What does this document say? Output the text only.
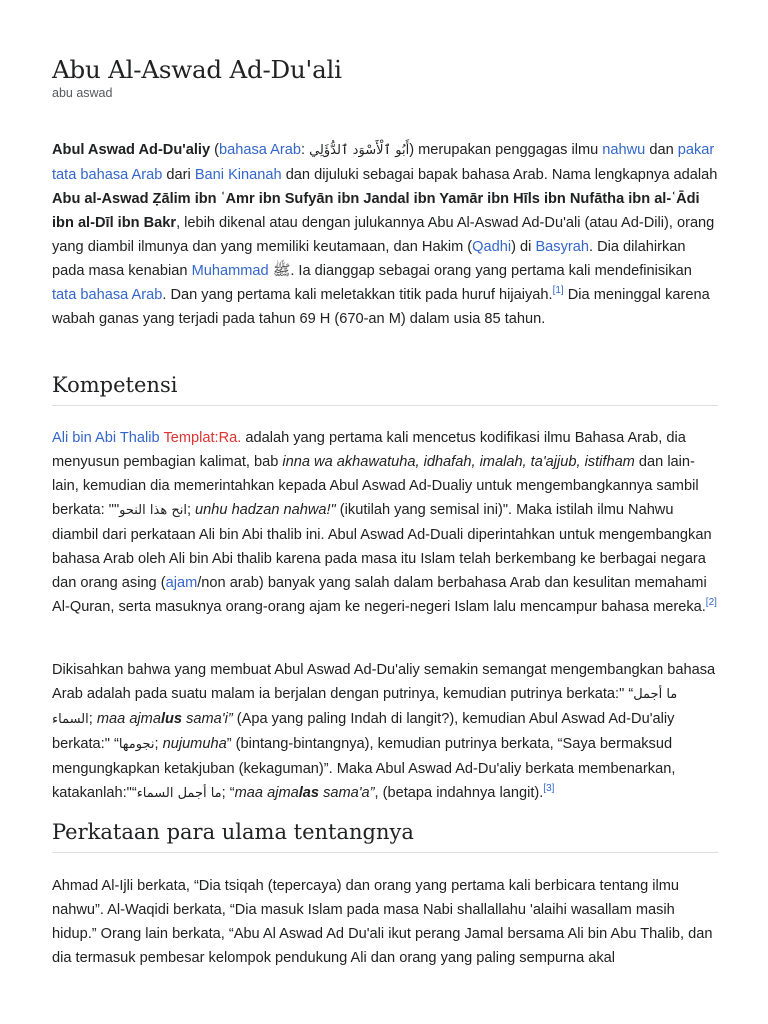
Abu Al-Aswad Ad-Du'ali
abu aswad

Abul Aswad Ad-Du'aliy (bahasa Arab: أَبُو ٱلْأَسْوَد ٱلدُّؤَلِي) merupakan penggagas ilmu nahwu dan pakar tata bahasa Arab dari Bani Kinanah dan dijuluki sebagai bapak bahasa Arab. Nama lengkapnya adalah Abu al-Aswad Ẓālim ibn ʿAmr ibn Sufyān ibn Jandal ibn Yamār ibn Hīls ibn Nufātha ibn al-ʿĀdi ibn al-Dīl ibn Bakr, lebih dikenal atau dengan julukannya Abu Al-Aswad Ad-Du'ali (atau Ad-Dili), orang yang diambil ilmunya dan yang memiliki keutamaan, dan Hakim (Qadhi) di Basyrah. Dia dilahirkan pada masa kenabian Muhammad ﷺ. Ia dianggap sebagai orang yang pertama kali mendefinisikan tata bahasa Arab. Dan yang pertama kali meletakkan titik pada huruf hijaiyah.[1] Dia meninggal karena wabah ganas yang terjadi pada tahun 69 H (670-an M) dalam usia 85 tahun.

Kompetensi

Ali bin Abi Thalib Templat:Ra. adalah yang pertama kali mencetus kodifikasi ilmu Bahasa Arab, dia menyusun pembagian kalimat, bab inna wa akhawatuha, idhafah, imalah, ta'ajjub, istifham dan lain-lain, kemudian dia memerintahkan kepada Abul Aswad Ad-Dualiy untuk mengembangkannya sambil berkata: ""انح هذا النحو; unhu hadzan nahwa!" (ikutilah yang semisal ini)". Maka istilah ilmu Nahwu diambil dari perkataan Ali bin Abi thalib ini. Abul Aswad Ad-Duali diperintahkan untuk mengembangkan bahasa Arab oleh Ali bin Abi thalib karena pada masa itu Islam telah berkembang ke berbagai negara dan orang asing (ajam/non arab) banyak yang salah dalam berbahasa Arab dan kesulitan memahami Al-Quran, serta masuknya orang-orang ajam ke negeri-negeri Islam lalu mencampur bahasa mereka.[2]

Dikisahkan bahwa yang membuat Abul Aswad Ad-Du'aliy semakin semangat mengembangkan bahasa Arab adalah pada suatu malam ia berjalan dengan putrinya, kemudian putrinya berkata:" “ما أجمل السماء; maa ajmalus sama'i” (Apa yang paling Indah di langit?), kemudian Abul Aswad Ad-Du'aliy berkata:" “نجومها; nujumuha” (bintang-bintangnya), kemudian putrinya berkata, “Saya bermaksud mengungkapkan ketakjuban (kekaguman)”. Maka Abul Aswad Ad-Du'aliy berkata membenarkan, katakanlah:"“ما أجمل السماء; “maa ajmalas sama'a”, (betapa indahnya langit).[3]

Perkataan para ulama tentangnya

Ahmad Al-Ijli berkata, “Dia tsiqah (tepercaya) dan orang yang pertama kali berbicara tentang ilmu nahwu”. Al-Waqidi berkata, “Dia masuk Islam pada masa Nabi shallallahu 'alaihi wasallam masih hidup.” Orang lain berkata, “Abu Al Aswad Ad Du'ali ikut perang Jamal bersama Ali bin Abu Thalib, dan dia termasuk pembesar kelompok pendukung Ali dan orang yang paling sempurna akal
